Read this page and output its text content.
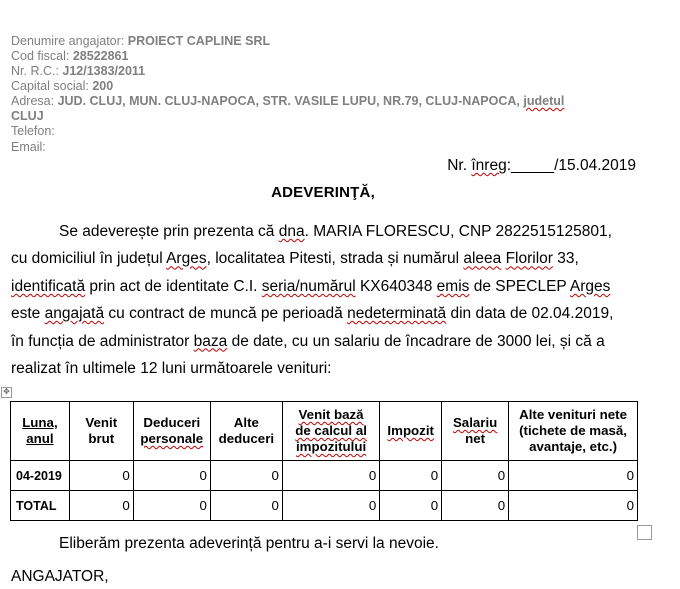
Denumire angajator: PROIECT CAPLINE SRL
Cod fiscal: 28522861
Nr. R.C.: J12/1383/2011
Capital social: 200
Adresa: JUD. CLUJ, MUN. CLUJ-NAPOCA, STR. VASILE LUPU, NR.79, CLUJ-NAPOCA, judetul
CLUJ
Telefon:
Email:
Nr. înreg:_____/15.04.2019
ADEVERINŢĂ,

Se adeverește prin prezenta că dna. MARIA FLORESCU, CNP 2822515125801,

cu domiciliul în județul Arges, localitatea Pitesti, strada și numărul aleea Florilor 33,

identificată prin act de identitate C.I. seria/numărul KX640348 emis de SPECLEP Arges

este angajată cu contract de muncă pe perioadă nedeterminată din data de 02.04.2019,

în funcția de administrator baza de date, cu un salariu de încadrare de 3000 lei, și că a

realizat în ultimele 12 luni următoarele venituri:

✥
Luna,
anul	Venit
brut	Deduceri
personale	Alte
deduceri	Venit bază
de calcul al
impozitului	Impozit	Salariu
net	Alte venituri nete
(tichete de masă,
avantaje, etc.)
04-2019	0	0	0	0	0	0	0
TOTAL	0	0	0	0	0	0	0
Eliberăm prezenta adeverință pentru a-i servi la nevoie.
ANGAJATOR,
